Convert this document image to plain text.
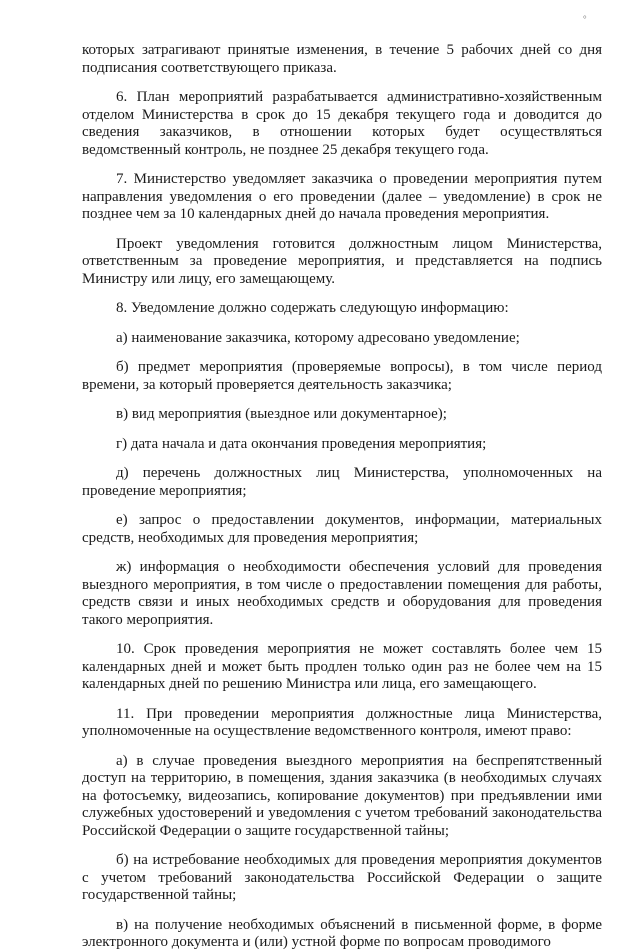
°

которых затрагивают принятые изменения, в течение 5 рабочих дней со дня подписания соответствующего приказа.

6. План мероприятий разрабатывается административно-хозяйственным отделом Министерства в срок до 15 декабря текущего года и доводится до сведения заказчиков, в отношении которых будет осуществляться ведомственный контроль, не позднее 25 декабря текущего года.

7. Министерство уведомляет заказчика о проведении мероприятия путем направления уведомления о его проведении (далее – уведомление) в срок не позднее чем за 10 календарных дней до начала проведения мероприятия.

Проект уведомления готовится должностным лицом Министерства, ответственным за проведение мероприятия, и представляется на подпись Министру или лицу, его замещающему.

8. Уведомление должно содержать следующую информацию:

а) наименование заказчика, которому адресовано уведомление;

б) предмет мероприятия (проверяемые вопросы), в том числе период времени, за который проверяется деятельность заказчика;

в) вид мероприятия (выездное или документарное);

г) дата начала и дата окончания проведения мероприятия;

д) перечень должностных лиц Министерства, уполномоченных на проведение мероприятия;

е) запрос о предоставлении документов, информации, материальных средств, необходимых для проведения мероприятия;

ж) информация о необходимости обеспечения условий для проведения выездного мероприятия, в том числе о предоставлении помещения для работы, средств связи и иных необходимых средств и оборудования для проведения такого мероприятия.

10. Срок проведения мероприятия не может составлять более чем 15 календарных дней и может быть продлен только один раз не более чем на 15 календарных дней по решению Министра или лица, его замещающего.

11. При проведении мероприятия должностные лица Министерства, уполномоченные на осуществление ведомственного контроля, имеют право:

а) в случае проведения выездного мероприятия на беспрепятственный доступ на территорию, в помещения, здания заказчика (в необходимых случаях на фотосъемку, видеозапись, копирование документов) при предъявлении ими служебных удостоверений и уведомления с учетом требований законодательства Российской Федерации о защите государственной тайны;

б) на истребование необходимых для проведения мероприятия документов с учетом требований законодательства Российской Федерации о защите государственной тайны;

в) на получение необходимых объяснений в письменной форме, в форме электронного документа и (или) устной форме по вопросам проводимого
